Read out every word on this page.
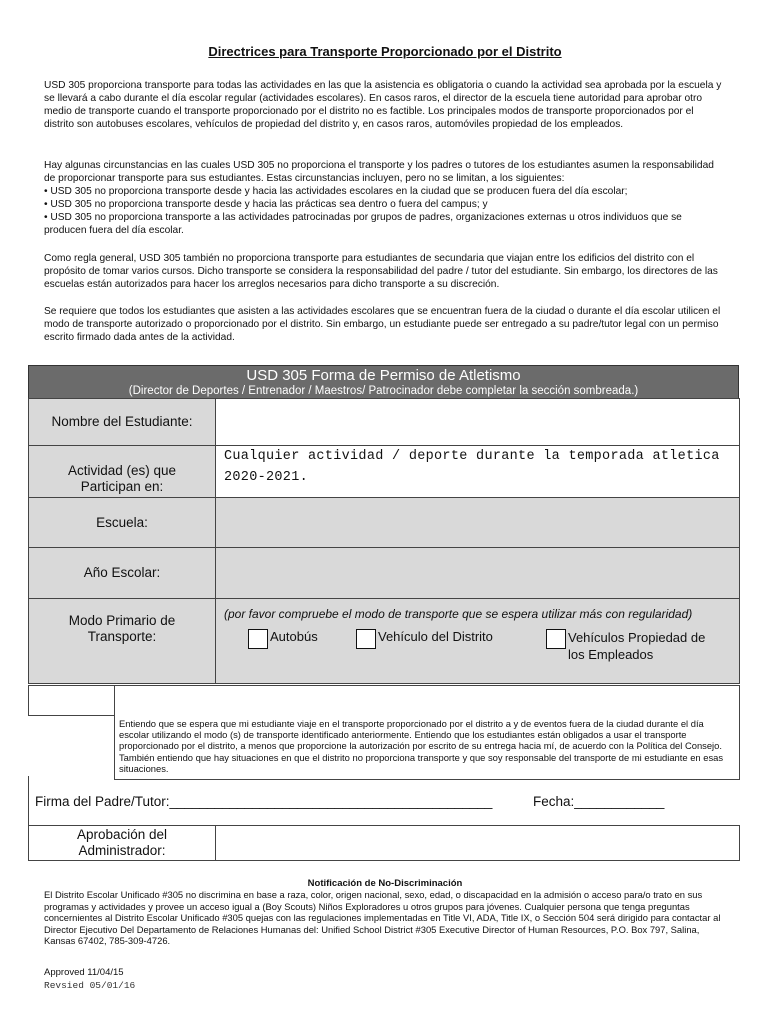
Directrices para Transporte Proporcionado por el Distrito
USD 305 proporciona transporte para todas las actividades en las que la asistencia es obligatoria o cuando la actividad sea aprobada por la escuela y se llevará a cabo durante el día escolar regular (actividades escolares). En casos raros, el director de la escuela tiene autoridad para aprobar otro medio de transporte cuando el transporte proporcionado por el distrito no es factible. Los principales modos de transporte proporcionados por el distrito son autobuses escolares, vehículos de propiedad del distrito y, en casos raros, automóviles propiedad de los empleados.

Hay algunas circunstancias en las cuales USD 305 no proporciona el transporte y los padres o tutores de los estudiantes asumen la responsabilidad de proporcionar transporte para sus estudiantes. Estas circunstancias incluyen, pero no se limitan, a los siguientes:

• USD 305 no proporciona transporte desde y hacia las actividades escolares en la ciudad que se producen fuera del día escolar;
• USD 305 no proporciona transporte desde y hacia las prácticas sea dentro o fuera del campus; y
• USD 305 no proporciona transporte a las actividades patrocinadas por grupos de padres, organizaciones externas u otros individuos que se producen fuera del día escolar.
Como regla general, USD 305 también no proporciona transporte para estudiantes de secundaria que viajan entre los edificios del distrito con el propósito de tomar varios cursos. Dicho transporte se considera la responsabilidad del padre / tutor del estudiante. Sin embargo, los directores de las escuelas están autorizados para hacer los arreglos necesarios para dicho transporte a su discreción.
Se requiere que todos los estudiantes que asisten a las actividades escolares que se encuentran fuera de la ciudad o durante el día escolar utilicen el modo de transporte autorizado o proporcionado por el distrito. Sin embargo, un estudiante puede ser entregado a su padre/tutor legal con un permiso escrito firmado dada antes de la actividad.
USD 305 Forma de Permiso de Atletismo
(Director de Deportes / Entrenador / Maestros/ Patrocinador debe completar la sección sombreada.)
Nombre del Estudiante:	
Actividad (es) que Participan en:	Cualquier actividad / deporte durante la temporada atletica 2020-2021.

Escuela:	
Año Escolar:	
Modo Primario de Transporte:	(por favor compruebe el modo de transporte que se espera utilizar más con regularidad)
Autobús Vehículo del Distrito Vehículos Propiedad de los Empleados

	Entiendo que se espera que mi estudiante viaje en el transporte proporcionado por el distrito a y de eventos fuera de la ciudad durante el día escolar utilizando el modo (s) de transporte identificado anteriormente. Entiendo que los estudiantes están obligados a usar el transporte proporcionado por el distrito, a menos que proporcione la autorización por escrito de su entrega hacia mí, de acuerdo con la Política del Consejo. También entiendo que hay situaciones en que el distrito no proporciona transporte y que soy responsable del transporte de mi estudiante en esas situaciones.
Firma del Padre/Tutor:___________________________________________	Fecha:____________
Aprobación del Administrador:	
Notificación de No-Discriminación
El Distrito Escolar Unificado #305 no discrimina en base a raza, color, origen nacional, sexo, edad, o discapacidad en la admisión o acceso para/o trato en sus programas y actividades y provee un acceso igual a (Boy Scouts) Niños Exploradores u otros grupos para jóvenes. Cualquier persona que tenga preguntas concernientes al Distrito Escolar Unificado #305 quejas con las regulaciones implementadas en Title VI, ADA, Title IX, o Sección 504 será dirigido para contactar al Director Ejecutivo Del Departamento de Relaciones Humanas del: Unified School District #305 Executive Director of Human Resources, P.O. Box 797, Salina, Kansas 67402, 785-309-4726.
Approved 11/04/15
Revsied 05/01/16
